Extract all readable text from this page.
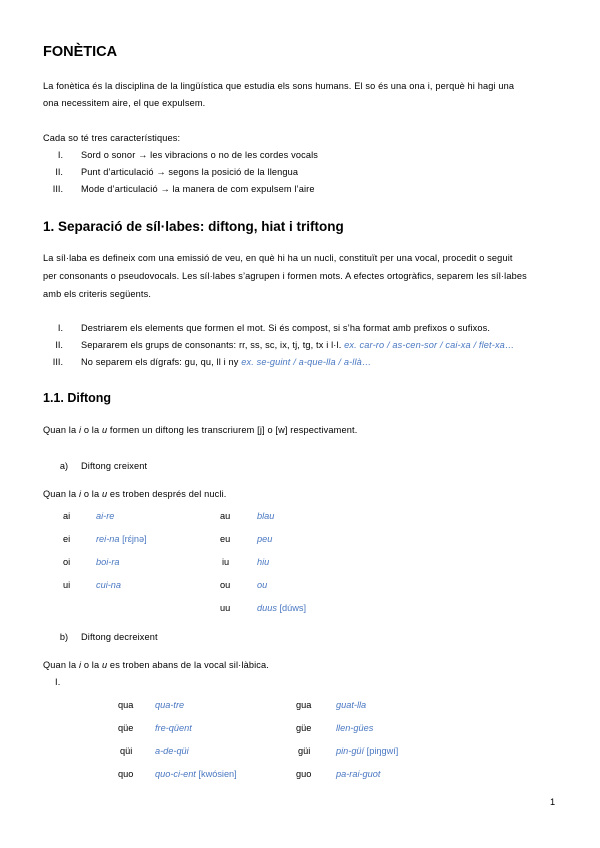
FONÈTICA
La fonètica és la disciplina de la lingüística que estudia els sons humans. El so és una ona i, perquè hi hagi una
ona necessitem aire, el que expulsem.
Cada so té tres característiques:
I. Sord o sonor → les vibracions o no de les cordes vocals
II. Punt d’articulació → segons la posició de la llengua
III. Mode d’articulació → la manera de com expulsem l’aire
1. Separació de síl·labes: diftong, hiat i triftong
La síl·laba es defineix com una emissió de veu, en què hi ha un nucli, constituït per una vocal, procedit o seguit
per consonants o pseudovocals. Les síl·labes s’agrupen i formen mots. A efectes ortogràfics, separem les síl·labes
amb els criteris següents.
I. Destriarem els elements que formen el mot. Si és compost, si s’ha format amb prefixos o sufixos.
II. Separarem els grups de consonants: rr, ss, sc, ix, tj, tg, tx i l·l. ex. car-ro / as-cen-sor / cai-xa / flet-xa…
III. No separem els dígrafs: gu, qu, ll i ny ex. se-guint / a-que-lla / a-llà…
1.1. Diftong
Quan la i o la u formen un diftong les transcriurem [j] o [w] respectivament.
a) Diftong creixent
Quan la i o la u es troben després del nucli.
ai	ai-re
ei	rei-na [rɛ́jnə]
oi	boi-ra
ui	cui-na
au	blau
eu	peu
iu	hiu
ou	ou
uu	duus [dúws]
b) Diftong decreixent
Quan la i o la u es troben abans de la vocal sil·làbica.
I.
qua qua-tre
qüe fre-qüent
qüi a-de-qüi
quo quo-ci-ent [kwósien]
gua	guat-lla
güe	llen-gües
güi	pin-güí [piŋgwí]
guo	pa-rai-guot
1
